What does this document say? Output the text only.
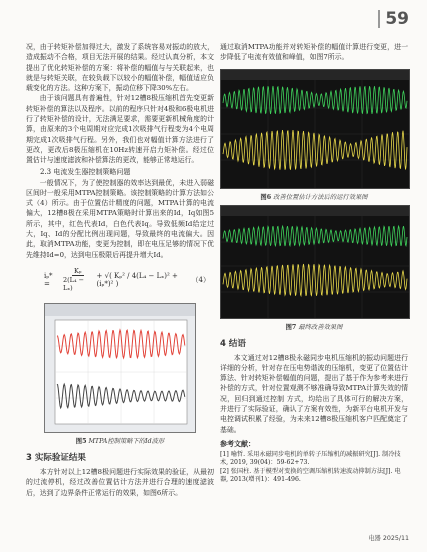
59

况，由于转矩补偿加得过大，激发了系统容易对振动的放大，造成振动不合格，项目无法开展的结果。经过认真分析，本文提出了优化转矩补偿的方案：将补偿的幅值与与关联起来，也就是与转矩关联，在较负载下以较小的幅值补偿，幅值适应负载变化的方法。这种方案下，振动位移下降30%左右。

由于该问题具有普遍性，针对12槽8极压缩机首先变更新转矩补偿的算法以及程序。以前的程序只针对4极和6极电机进行了转矩补偿的设计，无法满足要求，需要更新机械角度的计算，由原来的3个电周期对应完成1次吸排气行程变为4个电周期完成1次吸排气行程。另外，我们也对幅值计算方法进行了更改，更改后8极压缩机在10Hz转速开启力矩补偿。经过位置估计与速度滤波和补偿算法的更改，能够正常地运行。

2.3 电流发生器控制策略问题

一般情况下，为了使控制器的效率达到最优，未进入弱磁区间时一般采用MTPA控制策略。该控制策略的计算方法如公式（4）所示。由于位置估计精度的问题，MTPA计算的电流偏大，12槽8极在采用MTPA策略时计算出来的Id，Iq如图5所示，其中，红色代表Id，白色代表Iq。导致低频Id给定过大，Iq、Id的分配比例出现问题，导致最终的电流偏大。因此，取消MTPA功能，变更为控制，即在电压足够的情况下优先维持Id=0，达到电压极限后再提升增大Id。

iₚ* =	$\frac{\text{Kₚ}}{\text{2(L₄ − Lₓ)}}$ + √( Kₚ² / 4(L₄ − Lₓ)² + (iₚ*)² )	（4）
图5 MTPA控制策略下的Id波形
3 实际验证结果

本方针对以上12槽8极问题进行实际效果的验证，从最初的过流停机，经过改善位置估计方法并进行合理的速度滤波后，达到了边界条件正常运行的效果，如图6所示。

通过取消MTPA功能并对转矩补偿的幅值计算进行变更，进一步降低了电流有效值和峰值，如图7所示。

图6 改善位置估计方法后的运行效果图
图7 最终改善效果图
4 结语

本文通过对12槽8极永磁同步电机压缩机的振动问题进行详细的分析，针对存在压电势谐波的压缩机，变更了位置估计算法、针对转矩补偿幅值的问题，提出了基于作为参考来进行补偿的方式，针对位置观测不够准确导致MTPA计算失效的情况，回归到通过控制 方式，均给出了具体可行的解决方案，并进行了实际验证，确认了方案有效性，为新平台电机开发与电控调试积累了经验，为未来12槽8极压缩机客户匹配奠定了基础。

参考文献：
[1] 喻哲. 采用永磁同步电机的单转子压缩机的减振研究[J]. 制冷技术, 2019, 39(04)：59-62+73.
[2] 张国柱. 基于模型对变换的空调压缩机转速波动抑制方法[J]. 电器, 2013(增刊1)：491-496.
电器 2025/11
